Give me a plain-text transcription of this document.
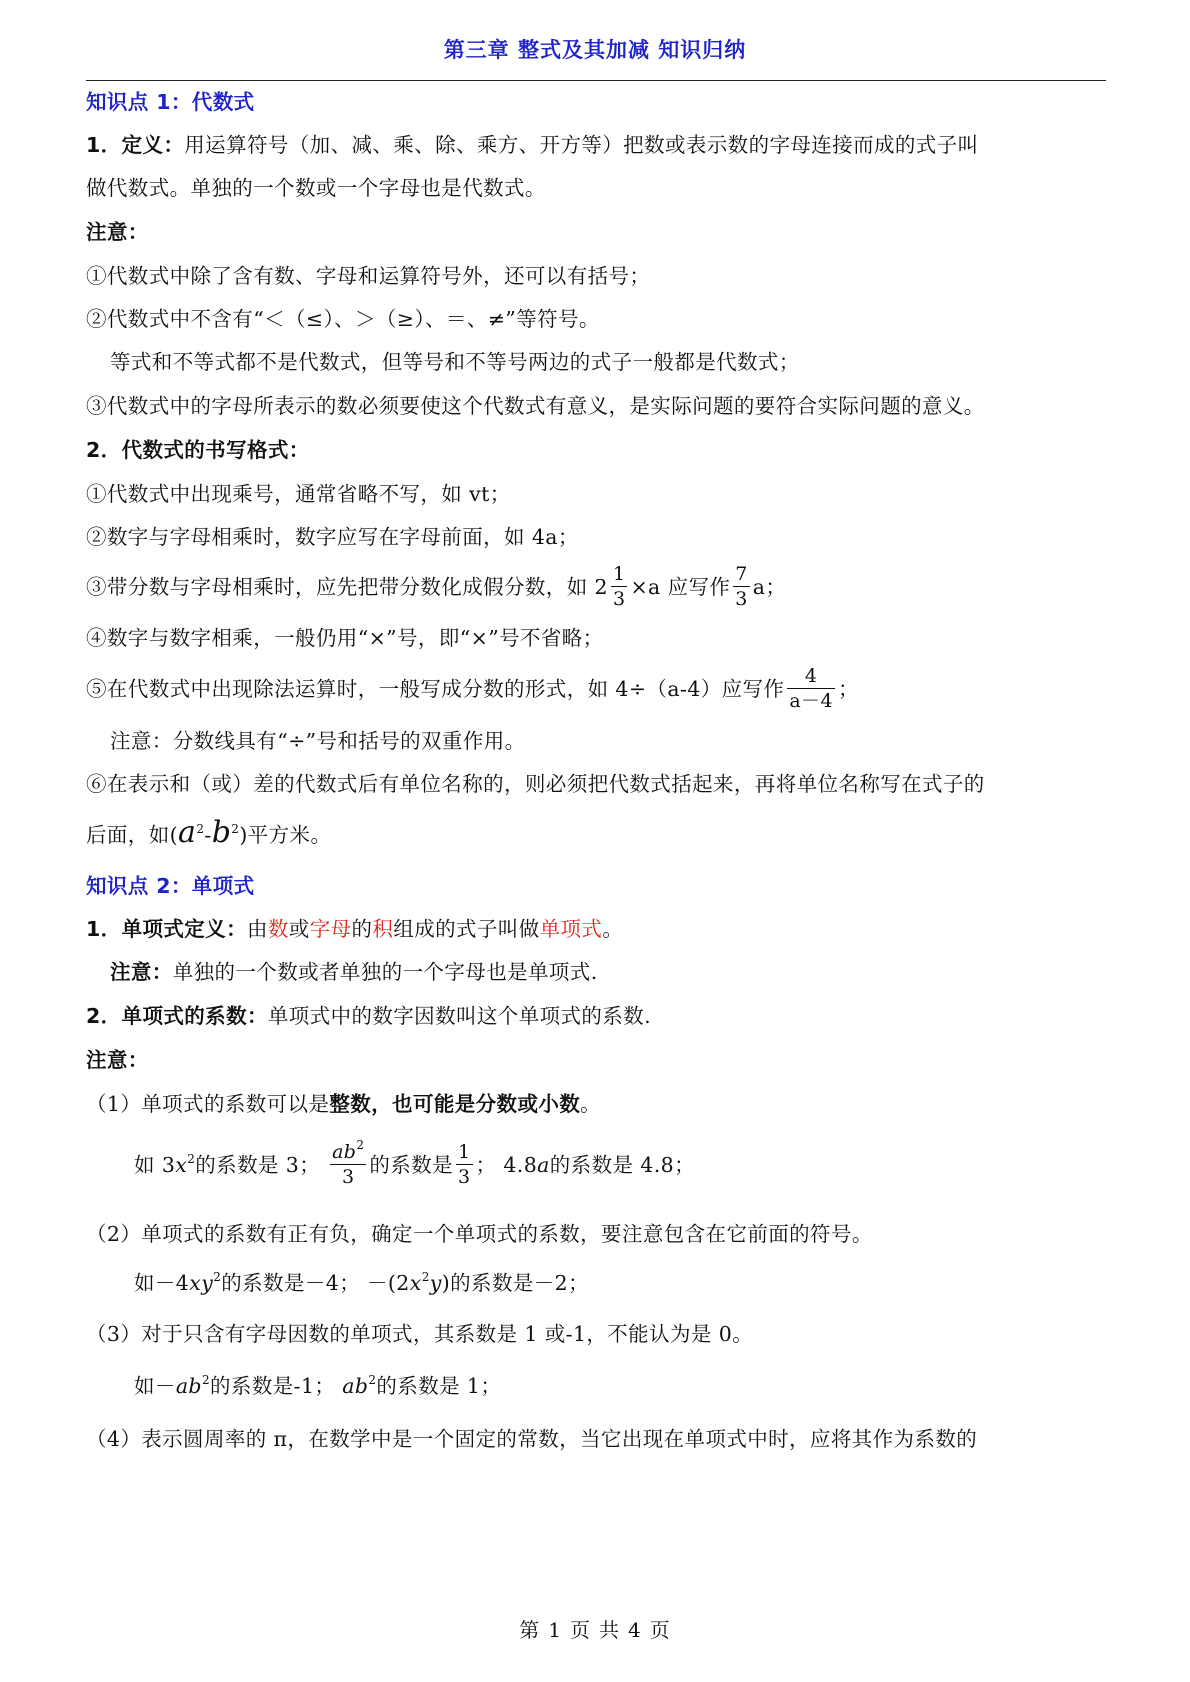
第三章 整式及其加减 知识归纳
知识点 1：代数式
1．定义：用运算符号（加、减、乘、除、乘方、开方等）把数或表示数的字母连接而成的式子叫
做代数式。单独的一个数或一个字母也是代数式。
注意：
①代数式中除了含有数、字母和运算符号外，还可以有括号；
②代数式中不含有“＜（≤）、＞（≥）、＝、≠”等符号。
等式和不等式都不是代数式，但等号和不等号两边的式子一般都是代数式；
③代数式中的字母所表示的数必须要使这个代数式有意义，是实际问题的要符合实际问题的意义。
2．代数式的书写格式：
①代数式中出现乘号，通常省略不写，如 vt；
②数字与字母相乘时，数字应写在字母前面，如 4a；
③带分数与字母相乘时，应先把带分数化成假分数，如 $2 \frac{1}{3} \times a$ 应写作 $\frac{7}{3}$ a；
④数字与数字相乘，一般仍用“×”号，即“×”号不省略；
⑤在代数式中出现除法运算时，一般写成分数的形式，如 4÷（a-4）应写作 $\frac{4}{a-4}$ ；
注意：分数线具有“÷”号和括号的双重作用。
⑥在表示和（或）差的代数式后有单位名称的，则必须把代数式括起来，再将单位名称写在式子的
后面，如$(a^2-b^2)$平方米。
知识点 2：单项式
1．单项式定义：由数或字母的积组成的式子叫做单项式。
注意：单独的一个数或者单独的一个字母也是单项式.
2．单项式的系数：单项式中的数字因数叫这个单项式的系数.
注意：
（1）单项式的系数可以是整数，也可能是分数或小数。
如 $3x^2$的系数是 3； $\frac{ab^2}{3}$ 的系数是 $\frac{1}{3}$ ； 4.8a的系数是 4.8；
（2）单项式的系数有正有负，确定一个单项式的系数，要注意包含在它前面的符号。
如$-4xy^2$的系数是－4； $-(2x^2y)$的系数是－2；
（3）对于只含有字母因数的单项式，其系数是 1 或-1，不能认为是 0。
如$-ab^2$的系数是-1； $ab^2$的系数是 1；
（4）表示圆周率的 π，在数学中是一个固定的常数，当它出现在单项式中时，应将其作为系数的
第 1 页 共 4 页
